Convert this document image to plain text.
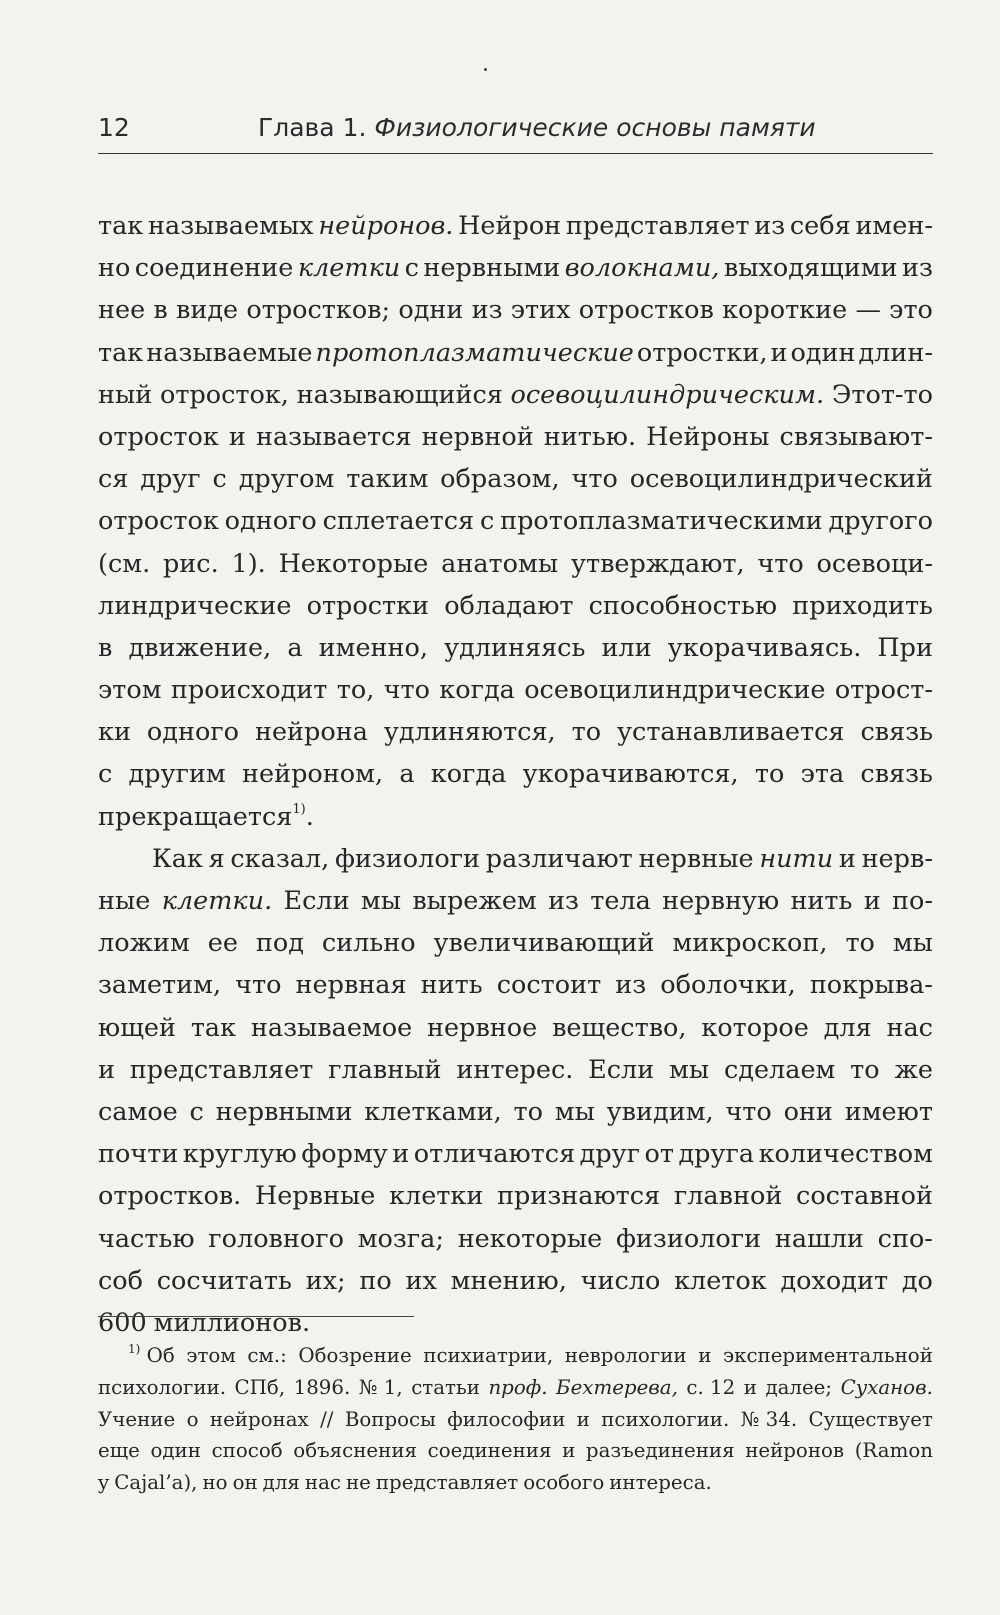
12	Глава 1. Физиологические основы памяти
так называемых нейронов. Нейрон представляет из себя имен-
но соединение клетки с нервными волокнами, выходящими из
нее в виде отростков; одни из этих отростков короткие — это
так называемые протоплазматические отростки, и один длин-
ный отросток, называющийся осевоцилиндрическим. Этот-то
отросток и называется нервной нитью. Нейроны связывают-
ся друг с другом таким образом, что осевоцилиндрический
отросток одного сплетается с протоплазматическими другого
(см. рис. 1). Некоторые анатомы утверждают, что осевоци-
линдрические отростки обладают способностью приходить
в движение, а именно, удлиняясь или укорачиваясь. При
этом происходит то, что когда осевоцилиндрические отрост-
ки одного нейрона удлиняются, то устанавливается связь
с другим нейроном, а когда укорачиваются, то эта связь
прекращается$^{1)}$.
Как я сказал, физиологи различают нервные нити и нерв-
ные клетки. Если мы вырежем из тела нервную нить и по-
ложим ее под сильно увеличивающий микроскоп, то мы
заметим, что нервная нить состоит из оболочки, покрыва-
ющей так называемое нервное вещество, которое для нас
и представляет главный интерес. Если мы сделаем то же
самое с нервными клетками, то мы увидим, что они имеют
почти круглую форму и отличаются друг от друга количеством
отростков. Нервные клетки признаются главной составной
частью головного мозга; некоторые физиологи нашли спо-
соб сосчитать их; по их мнению, число клеток доходит до
600 миллионов.
$^{1)}$ Об этом см.: Обозрение психиатрии, неврологии и экспериментальной
психологии. СПб, 1896. № 1, статьи проф. Бехтерева, с. 12 и далее; Суханов.
Учение о нейронах // Вопросы философии и психологии. № 34. Существует
еще один способ объяснения соединения и разъединения нейронов (Ramon
y Cajal’a), но он для нас не представляет особого интереса.
